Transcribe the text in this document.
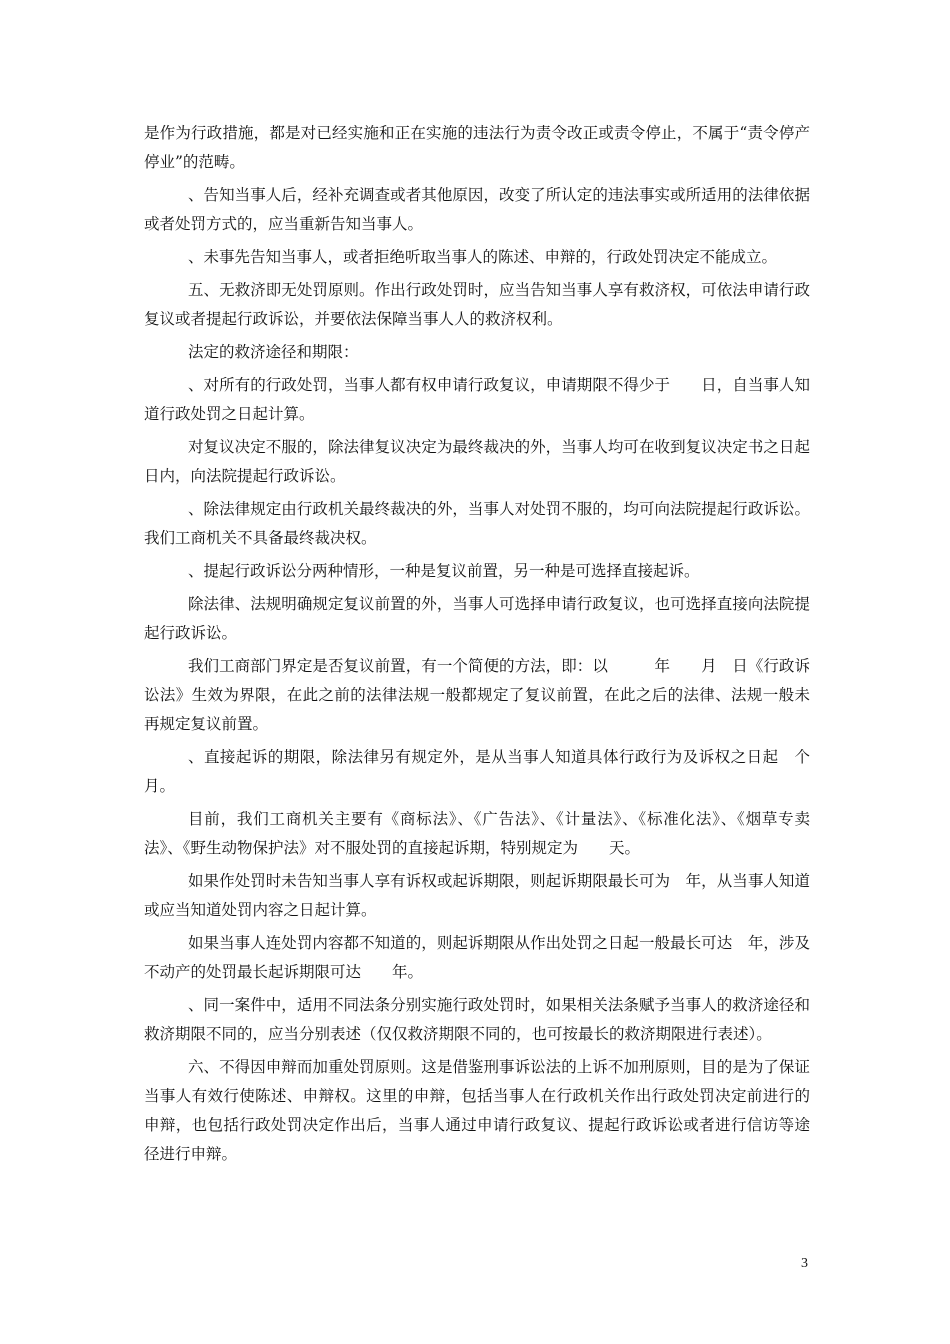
是作为行政措施，都是对已经实施和正在实施的违法行为责令改正或责令停止，不属于“责令停产停业”的范畴。

、告知当事人后，经补充调查或者其他原因，改变了所认定的违法事实或所适用的法律依据或者处罚方式的，应当重新告知当事人。

、未事先告知当事人，或者拒绝听取当事人的陈述、申辩的，行政处罚决定不能成立。

五、无救济即无处罚原则。作出行政处罚时，应当告知当事人享有救济权，可依法申请行政复议或者提起行政诉讼，并要依法保障当事人人的救济权利。

法定的救济途径和期限：

、对所有的行政处罚，当事人都有权申请行政复议，申请期限不得少于　　日，自当事人知道行政处罚之日起计算。

对复议决定不服的，除法律复议决定为最终裁决的外，当事人均可在收到复议决定书之日起　　日内，向法院提起行政诉讼。

、除法律规定由行政机关最终裁决的外，当事人对处罚不服的，均可向法院提起行政诉讼。我们工商机关不具备最终裁决权。

、提起行政诉讼分两种情形，一种是复议前置，另一种是可选择直接起诉。

除法律、法规明确规定复议前置的外，当事人可选择申请行政复议，也可选择直接向法院提起行政诉讼。

我们工商部门界定是否复议前置，有一个简便的方法，即：以　　　年　　月　日《行政诉讼法》生效为界限，在此之前的法律法规一般都规定了复议前置，在此之后的法律、法规一般未再规定复议前置。

、直接起诉的期限，除法律另有规定外，是从当事人知道具体行政行为及诉权之日起　个月。

目前，我们工商机关主要有《商标法》、《广告法》、《计量法》、《标准化法》、《烟草专卖法》、《野生动物保护法》对不服处罚的直接起诉期，特别规定为　　天。

如果作处罚时未告知当事人享有诉权或起诉期限，则起诉期限最长可为　年，从当事人知道或应当知道处罚内容之日起计算。

如果当事人连处罚内容都不知道的，则起诉期限从作出处罚之日起一般最长可达　年，涉及不动产的处罚最长起诉期限可达　　年。

、同一案件中，适用不同法条分别实施行政处罚时，如果相关法条赋予当事人的救济途径和救济期限不同的，应当分别表述（仅仅救济期限不同的，也可按最长的救济期限进行表述）。

六、不得因申辩而加重处罚原则。这是借鉴刑事诉讼法的上诉不加刑原则，目的是为了保证当事人有效行使陈述、申辩权。这里的申辩，包括当事人在行政机关作出行政处罚决定前进行的申辩，也包括行政处罚决定作出后，当事人通过申请行政复议、提起行政诉讼或者进行信访等途径进行申辩。

3
